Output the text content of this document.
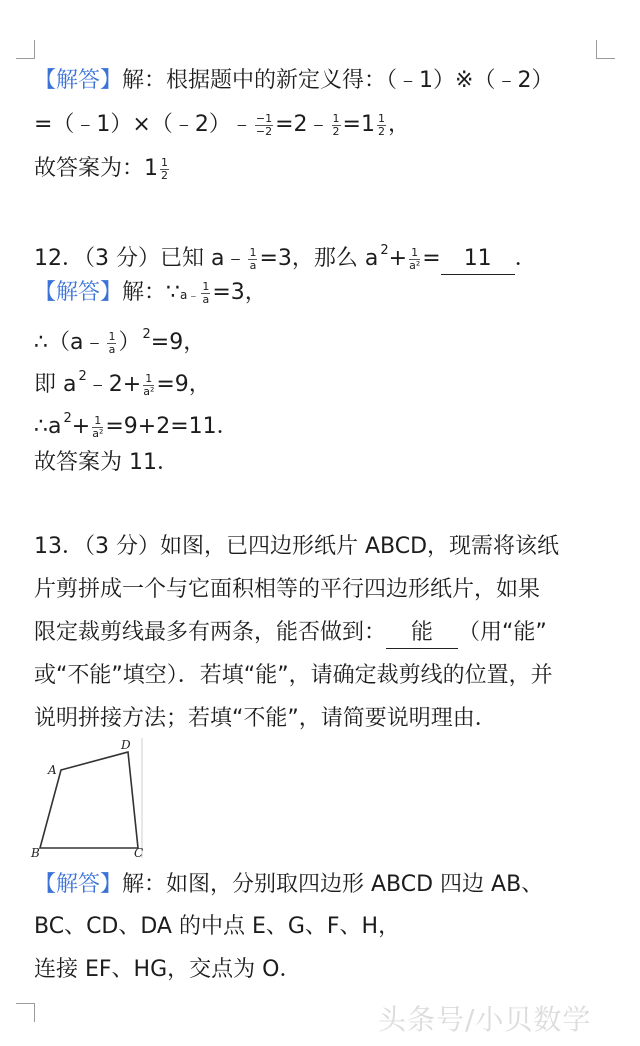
【解答】解：根据题中的新定义得：（﹣1）※（﹣2）
=（﹣1）×（﹣2）﹣ $\frac{-1}{-2}$ =2﹣ $\frac{1}{2} =1 \frac{1}{2}$ ，
故答案为：$1 \frac{1}{2}$
12．（3 分）已知 a﹣ $\frac{1}{a} =3$，那么 a $^2+ \frac{1}{\text{a²}} = 11$ ．
【解答】解：∵a﹣ $\frac{1}{a} =3$，
∴（a﹣ $\frac{1}{a}$ ） $^2$=9，
即 a $^2$﹣2+ $\frac{1}{\text{a²}} =9$，
∴a $^2+ \frac{1}{\text{a²}} =9+2=11$．
故答案为 11．
13．（3 分）如图，已四边形纸片 ABCD，现需将该纸
片剪拼成一个与它面积相等的平行四边形纸片，如果
限定裁剪线最多有两条，能否做到： 能 （用“能”
或“不能”填空）．若填“能”，请确定裁剪线的位置，并
说明拼接方法；若填“不能”，请简要说明理由．
A
D
B	C
【解答】解：如图，分别取四边形 ABCD 四边 AB、
BC、CD、DA 的中点 E、G、F、H，
连接 EF、HG，交点为 O．
头条号/小贝数学
